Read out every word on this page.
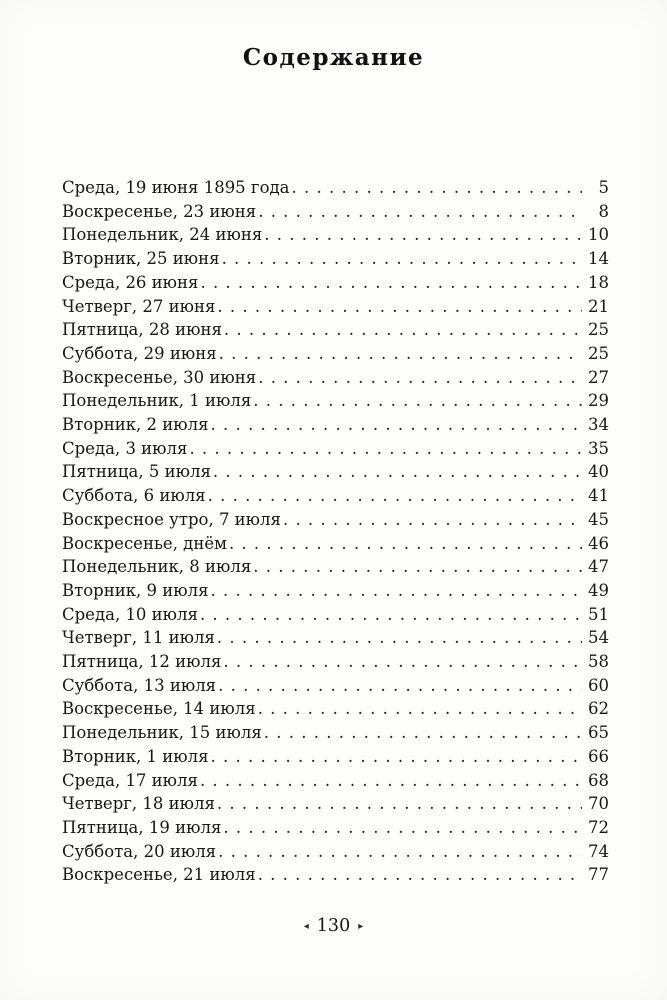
Содержание
Среда, 19 июня 1895 года . . .	5
Воскресенье, 23 июня . . .	8
Понедельник, 24 июня . . .	10
Вторник, 25 июня . . .	14
Среда, 26 июня . . .	18
Четверг, 27 июня . . .	21
Пятница, 28 июня . . .	25
Суббота, 29 июня . . .	25
Воскресенье, 30 июня . . .	27
Понедельник, 1 июля . . .	29
Вторник, 2 июля . . .	34
Среда, 3 июля . . .	35
Пятница, 5 июля . . .	40
Суббота, 6 июля . . .	41
Воскресное утро, 7 июля . . .	45
Воскресенье, днём . . .	46
Понедельник, 8 июля . . .	47
Вторник, 9 июля . . .	49
Среда, 10 июля . . .	51
Четверг, 11 июля . . .	54
Пятница, 12 июля . . .	58
Суббота, 13 июля . . .	60
Воскресенье, 14 июля . . .	62
Понедельник, 15 июля . . .	65
Вторник, 1 июля . . .	66
Среда, 17 июля . . .	68
Четверг, 18 июля . . .	70
Пятница, 19 июля . . .	72
Суббота, 20 июля . . .	74
Воскресенье, 21 июля . . .	77
◂ 130 ▸
